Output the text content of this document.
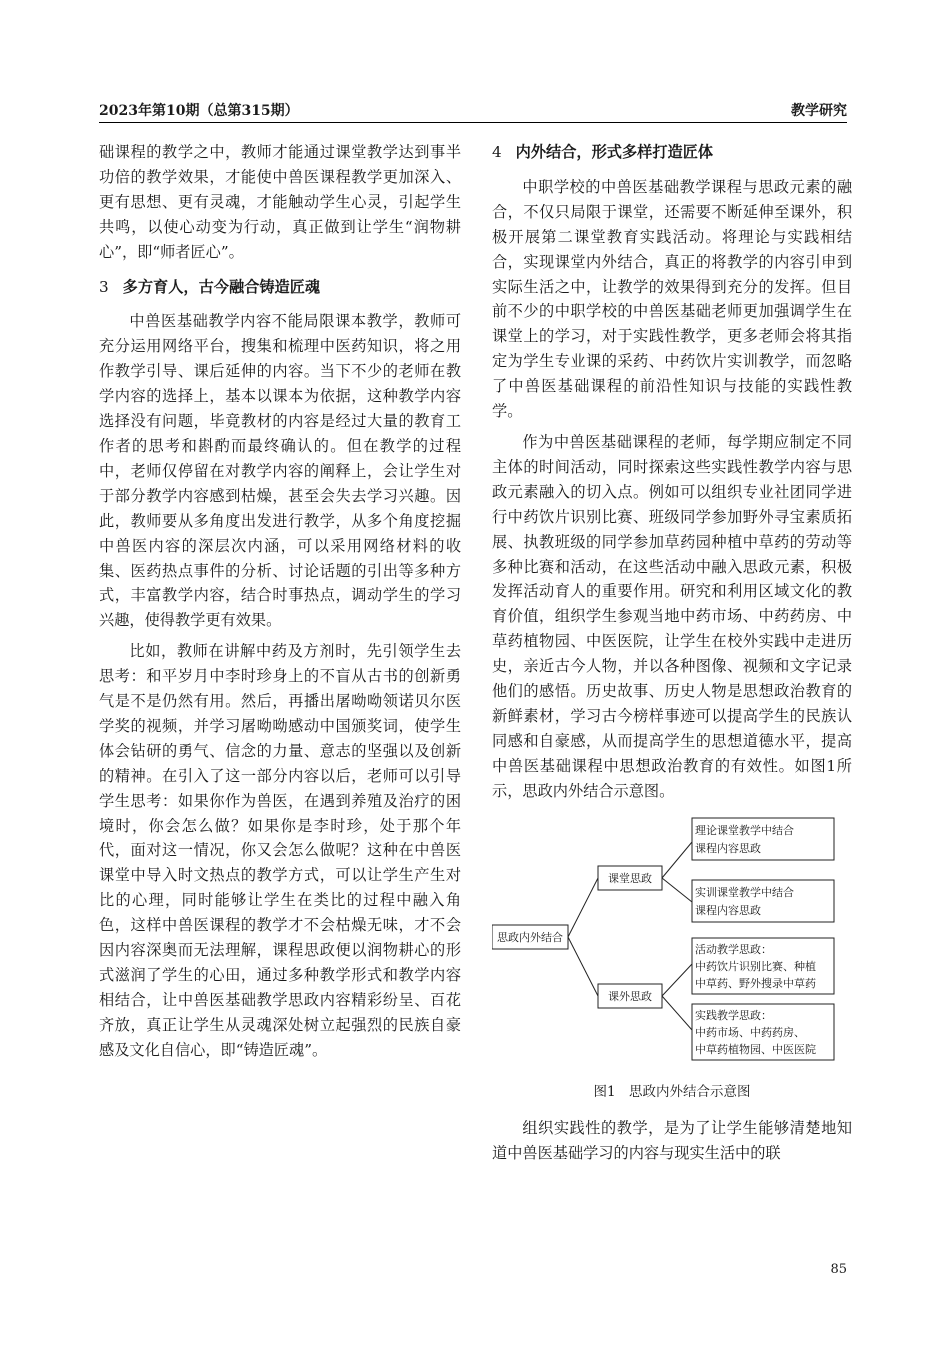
2023年第10期（总第315期）	教学研究

础课程的教学之中，教师才能通过课堂教学达到事半功倍的教学效果，才能使中兽医课程教学更加深入、更有思想、更有灵魂，才能触动学生心灵，引起学生共鸣，以使心动变为行动，真正做到让学生“润物耕心”，即“师者匠心”。

3 多方育人，古今融合铸造匠魂

中兽医基础教学内容不能局限课本教学，教师可充分运用网络平台，搜集和梳理中医药知识，将之用作教学引导、课后延伸的内容。当下不少的老师在教学内容的选择上，基本以课本为依据，这种教学内容选择没有问题，毕竟教材的内容是经过大量的教育工作者的思考和斟酌而最终确认的。但在教学的过程中，老师仅停留在对教学内容的阐释上，会让学生对于部分教学内容感到枯燥，甚至会失去学习兴趣。因此，教师要从多角度出发进行教学，从多个角度挖掘中兽医内容的深层次内涵，可以采用网络材料的收集、医药热点事件的分析、讨论话题的引出等多种方式，丰富教学内容，结合时事热点，调动学生的学习兴趣，使得教学更有效果。

比如，教师在讲解中药及方剂时，先引领学生去思考：和平岁月中李时珍身上的不盲从古书的创新勇气是不是仍然有用。然后，再播出屠呦呦领诺贝尔医学奖的视频，并学习屠呦呦感动中国颁奖词，使学生体会钻研的勇气、信念的力量、意志的坚强以及创新的精神。在引入了这一部分内容以后，老师可以引导学生思考：如果你作为兽医，在遇到养殖及治疗的困境时，你会怎么做？如果你是李时珍，处于那个年代，面对这一情况，你又会怎么做呢？这种在中兽医课堂中导入时文热点的教学方式，可以让学生产生对比的心理，同时能够让学生在类比的过程中融入角色，这样中兽医课程的教学才不会枯燥无味，才不会因内容深奥而无法理解，课程思政便以润物耕心的形式滋润了学生的心田，通过多种教学形式和教学内容相结合，让中兽医基础教学思政内容精彩纷呈、百花齐放，真正让学生从灵魂深处树立起强烈的民族自豪感及文化自信心，即“铸造匠魂”。

4 内外结合，形式多样打造匠体

中职学校的中兽医基础教学课程与思政元素的融合，不仅只局限于课堂，还需要不断延伸至课外，积极开展第二课堂教育实践活动。将理论与实践相结合，实现课堂内外结合，真正的将教学的内容引申到实际生活之中，让教学的效果得到充分的发挥。但目前不少的中职学校的中兽医基础老师更加强调学生在课堂上的学习，对于实践性教学，更多老师会将其指定为学生专业课的采药、中药饮片实训教学，而忽略了中兽医基础课程的前沿性知识与技能的实践性教学。

作为中兽医基础课程的老师，每学期应制定不同主体的时间活动，同时探索这些实践性教学内容与思政元素融入的切入点。例如可以组织专业社团同学进行中药饮片识别比赛、班级同学参加野外寻宝素质拓展、执教班级的同学参加草药园种植中草药的劳动等多种比赛和活动，在这些活动中融入思政元素，积极发挥活动育人的重要作用。研究和利用区域文化的教育价值，组织学生参观当地中药市场、中药药房、中草药植物园、中医医院，让学生在校外实践中走进历史，亲近古今人物，并以各种图像、视频和文字记录他们的感悟。历史故事、历史人物是思想政治教育的新鲜素材，学习古今榜样事迹可以提高学生的民族认同感和自豪感，从而提高学生的思想道德水平，提高中兽医基础课程中思想政治教育的有效性。如图1所示，思政内外结合示意图。

思政内外结合
课堂思政
课外思政
理论课堂教学中结合
课程内容思政
实训课堂教学中结合
课程内容思政
活动教学思政：
中药饮片识别比赛、种植
中草药、野外搜录中草药
实践教学思政：
中药市场、中药药房、
中草药植物园、中医医院

图1　思政内外结合示意图

组织实践性的教学，是为了让学生能够清楚地知道中兽医基础学习的内容与现实生活中的联

85
